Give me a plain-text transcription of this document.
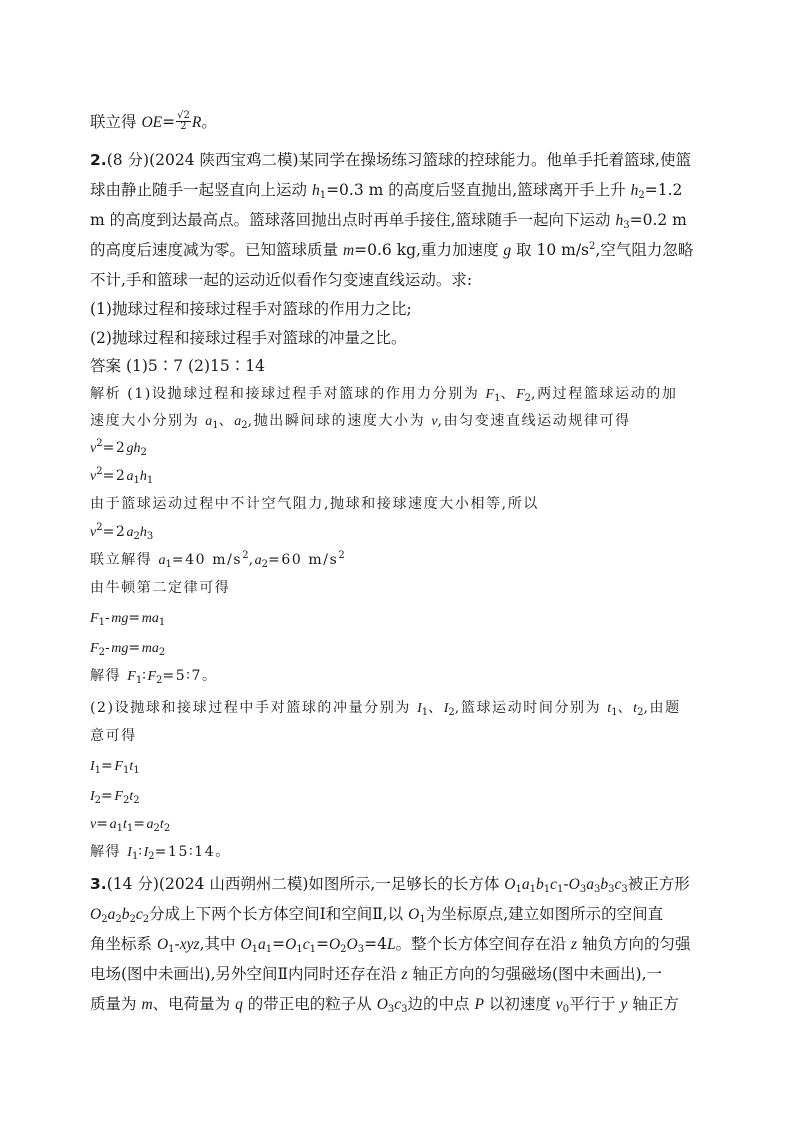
联立得 $OE= \frac{√2}{2}$ R。
2.(8 分)(2024 陕西宝鸡二模)某同学在操场练习篮球的控球能力。他单手托着篮球,使篮
球由静止随手一起竖直向上运动 $h_1=0.3$ m 的高度后竖直抛出,篮球离开手上升 $h_2=1.2$
m 的高度到达最高点。篮球落回抛出点时再单手接住,篮球随手一起向下运动 $h_3=0.2$ m
的高度后速度减为零。已知篮球质量 m=0.6 kg,重力加速度 g 取 10 $m/s^2$,空气阻力忽略
不计,手和篮球一起的运动近似看作匀变速直线运动。求:
(1)抛球过程和接球过程手对篮球的作用力之比;
(2)抛球过程和接球过程手对篮球的冲量之比。
答案 (1)5∶7 (2)15∶14
解析 (1)设抛球过程和接球过程手对篮球的作用力分别为 $F_1$、$F_2$,两过程篮球运动的加
速度大小分别为 $a_1$、$a_2$,抛出瞬间球的速度大小为 v,由匀变速直线运动规律可得
$v^2=2gh_2$
$v^2=2a_1h_1$
由于篮球运动过程中不计空气阻力,抛球和接球速度大小相等,所以
$v^2=2a_2h_3$
联立解得 $a_1=40$ $m/s^2,a_2=60$ $m/s^2$
由牛顿第二定律可得
$F_1-mg=ma_1$
$F_2-mg=ma_2$
解得 $F_1∶F_2=5∶7$。
(2)设抛球和接球过程中手对篮球的冲量分别为 $I_1$、$I_2$,篮球运动时间分别为 $t_1$、$t_2$,由题
意可得
$I_1=F_1t_1$
$I_2=F_2t_2$
$v=a_1t_1=a_2t_2$
解得 $I_1∶I_2=15∶14$。
3.(14 分)(2024 山西朔州二模)如图所示,一足够长的长方体 $O_1a_1b_1c_1-O_3a_3b_3c_3$被正方形
$O_2a_2b_2c_2$分成上下两个长方体空间Ⅰ和空间Ⅱ,以 $O_1$为坐标原点,建立如图所示的空间直
角坐标系 $O_1$-xyz,其中 $O_1a_1=O_1c_1=O_2O_3=4L$。整个长方体空间存在沿 z 轴负方向的匀强
电场(图中未画出),另外空间Ⅱ内同时还存在沿 z 轴正方向的匀强磁场(图中未画出),一
质量为 m、电荷量为 q 的带正电的粒子从 $O_3c_3$边的中点 P 以初速度 $v_0$平行于 y 轴正方
